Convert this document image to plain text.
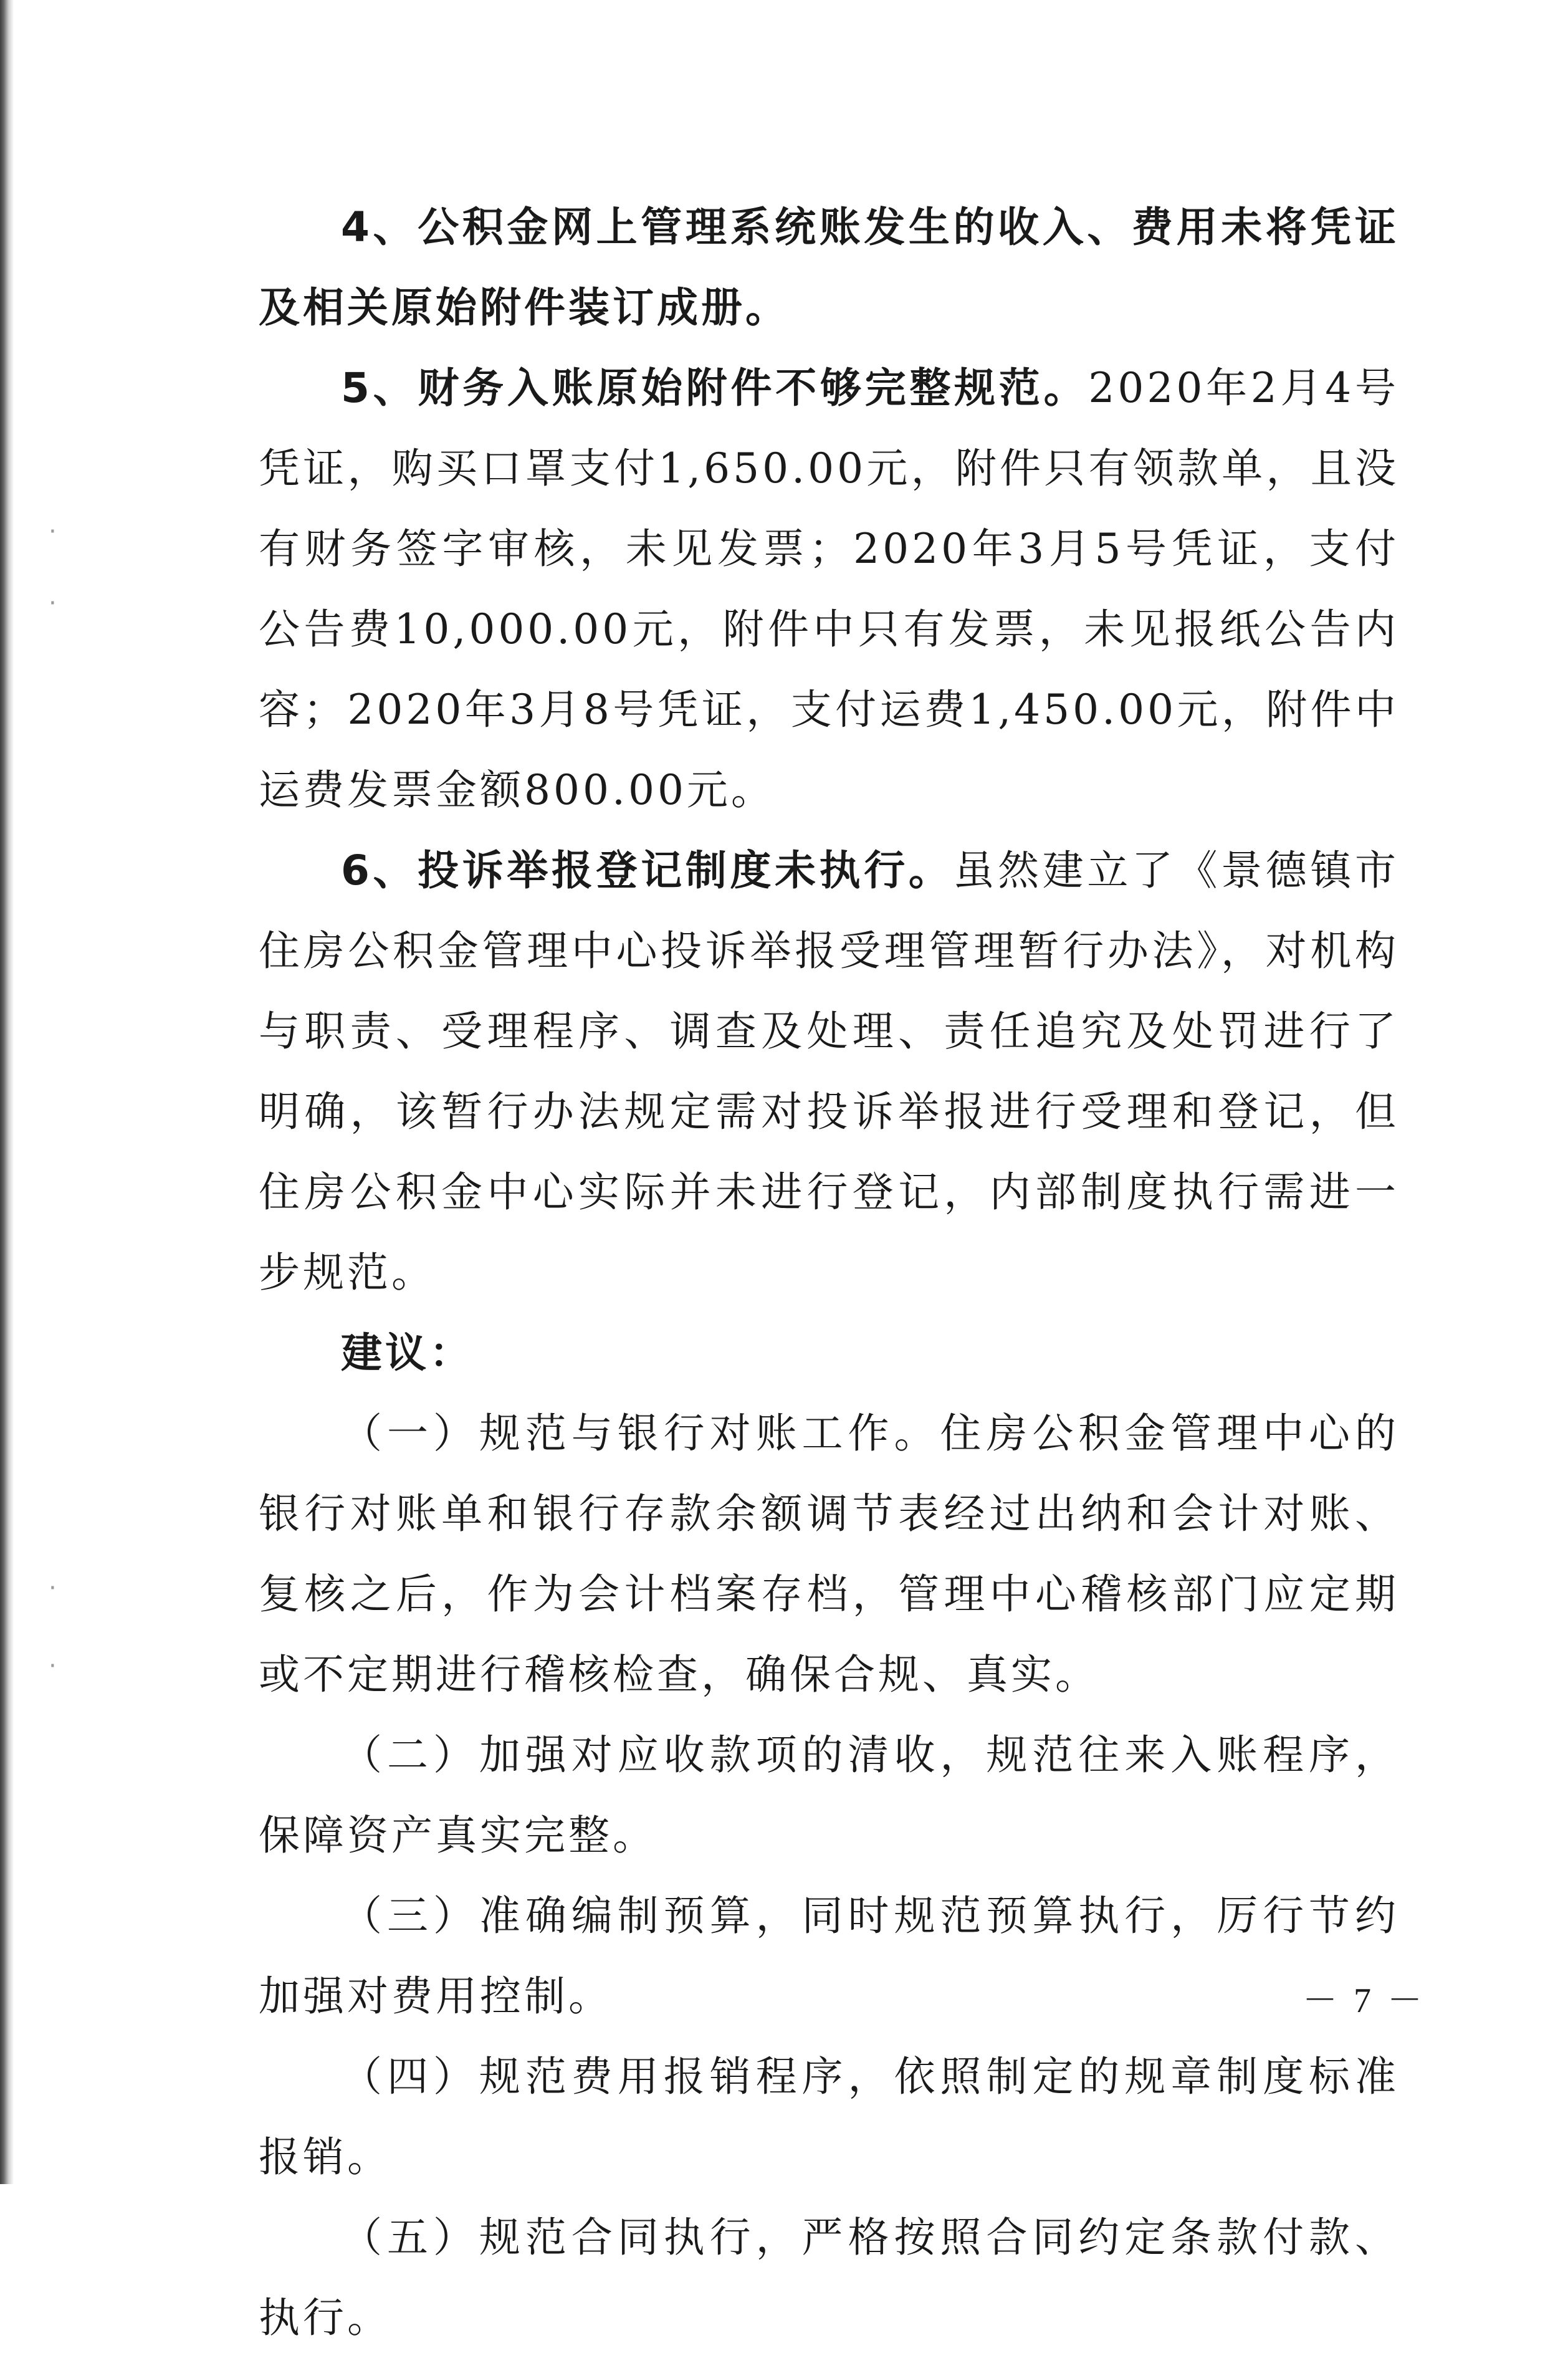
·
·
·
·

4、公积金网上管理系统账发生的收入、费用未将凭证及相关原始附件装订成册。

5、财务入账原始附件不够完整规范。2020年2月4号凭证，购买口罩支付1,650.00元，附件只有领款单，且没有财务签字审核，未见发票；2020年3月5号凭证，支付公告费10,000.00元，附件中只有发票，未见报纸公告内容；2020年3月8号凭证，支付运费1,450.00元，附件中运费发票金额800.00元。

6、投诉举报登记制度未执行。虽然建立了《景德镇市住房公积金管理中心投诉举报受理管理暂行办法》，对机构与职责、受理程序、调查及处理、责任追究及处罚进行了明确，该暂行办法规定需对投诉举报进行受理和登记，但住房公积金中心实际并未进行登记，内部制度执行需进一步规范。

建议：

（一）规范与银行对账工作。住房公积金管理中心的银行对账单和银行存款余额调节表经过出纳和会计对账、复核之后，作为会计档案存档，管理中心稽核部门应定期或不定期进行稽核检查，确保合规、真实。

（二）加强对应收款项的清收，规范往来入账程序，保障资产真实完整。

（三）准确编制预算，同时规范预算执行，厉行节约加强对费用控制。

（四）规范费用报销程序，依照制定的规章制度标准报销。

（五）规范合同执行，严格按照合同约定条款付款、执行。

－ 7 －
